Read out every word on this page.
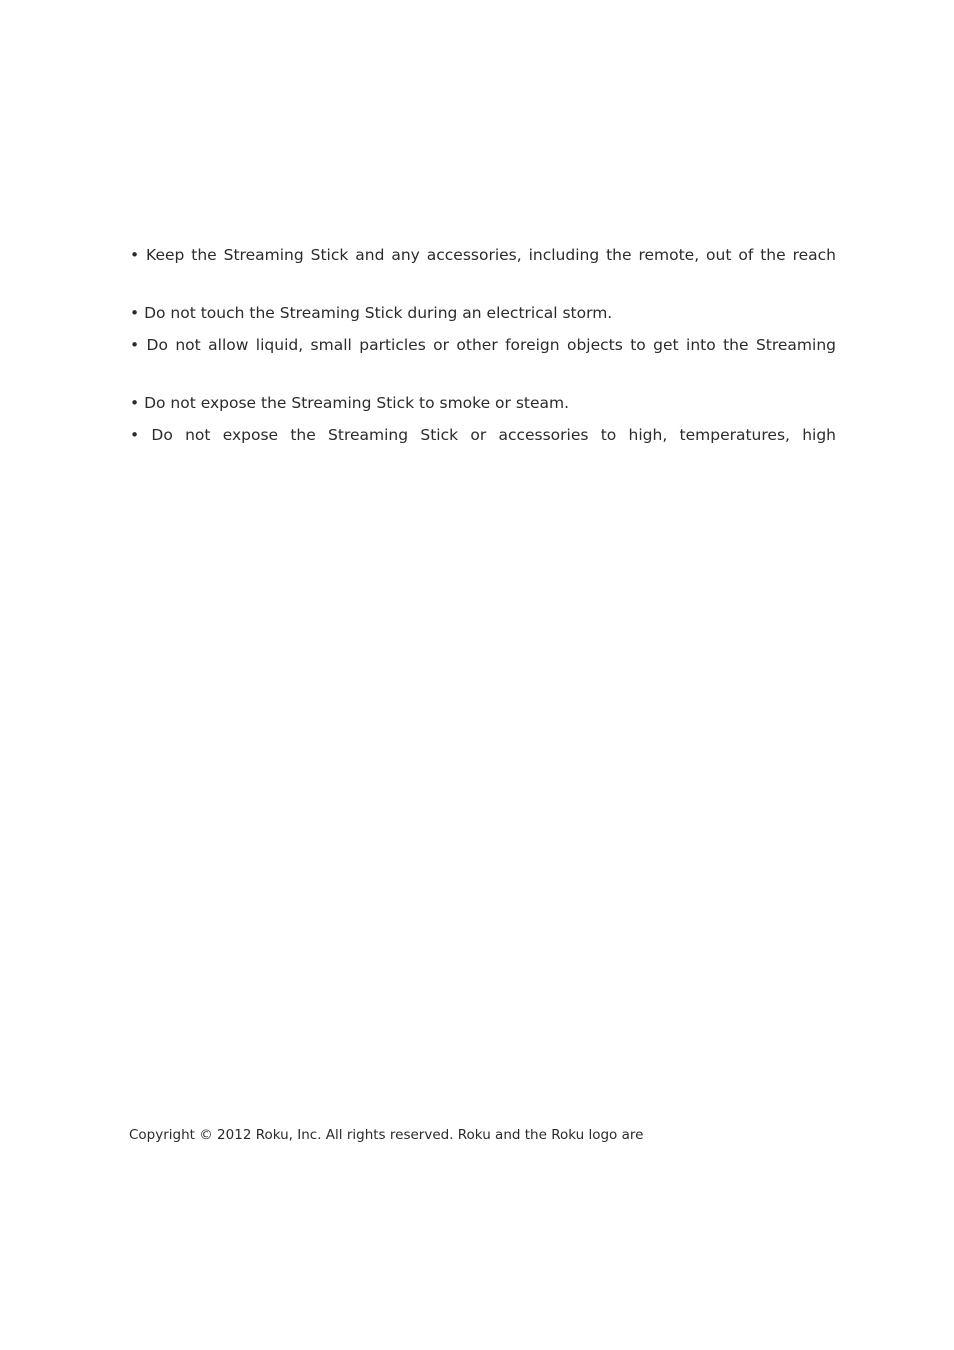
• Keep the Streaming Stick and any accessories, including the remote, out of the reach
• Do not touch the Streaming Stick during an electrical storm.
• Do not allow liquid, small particles or other foreign objects to get into the Streaming
• Do not expose the Streaming Stick to smoke or steam.
• Do not expose the Streaming Stick or accessories to high, temperatures, high
Copyright © 2012 Roku, Inc. All rights reserved. Roku and the Roku logo are
